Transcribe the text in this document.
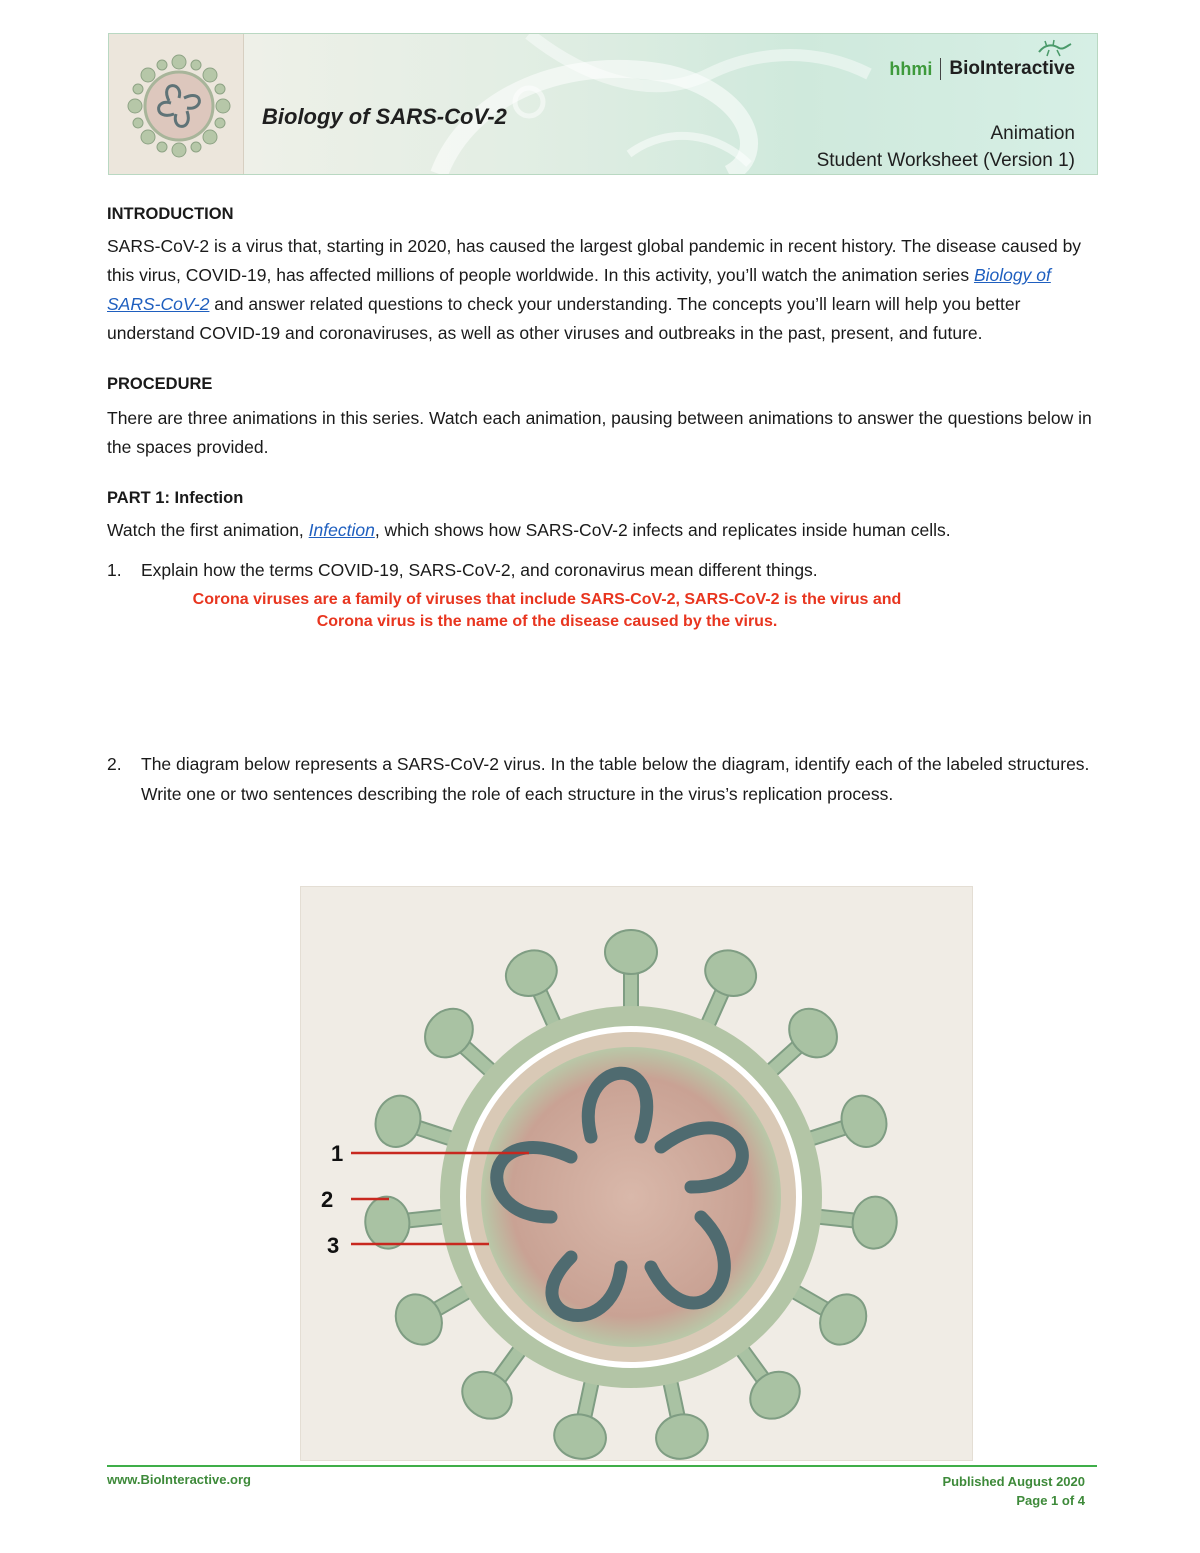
Biology of SARS-CoV-2
hhmi BioInteractive
Animation
Student Worksheet (Version 1)

INTRODUCTION

SARS-CoV-2 is a virus that, starting in 2020, has caused the largest global pandemic in recent history. The disease caused by this virus, COVID-19, has affected millions of people worldwide. In this activity, you’ll watch the animation series Biology of SARS-CoV-2 and answer related questions to check your understanding. The concepts you’ll learn will help you better understand COVID-19 and coronaviruses, as well as other viruses and outbreaks in the past, present, and future.

PROCEDURE

There are three animations in this series. Watch each animation, pausing between animations to answer the questions below in the spaces provided.

PART 1: Infection

Watch the first animation, Infection, which shows how SARS-CoV-2 infects and replicates inside human cells.

1.	Explain how the terms COVID-19, SARS-CoV-2, and coronavirus mean different things.
Corona viruses are a family of viruses that include SARS-CoV-2, SARS-CoV-2 is the virus and
Corona virus is the name of the disease caused by the virus.
2.	The diagram below represents a SARS-CoV-2 virus. In the table below the diagram, identify each of the labeled structures. Write one or two sentences describing the role of each structure in the virus’s replication process.
1
2
3
www.BioInteractive.org	Published August 2020
Page 1 of 4
